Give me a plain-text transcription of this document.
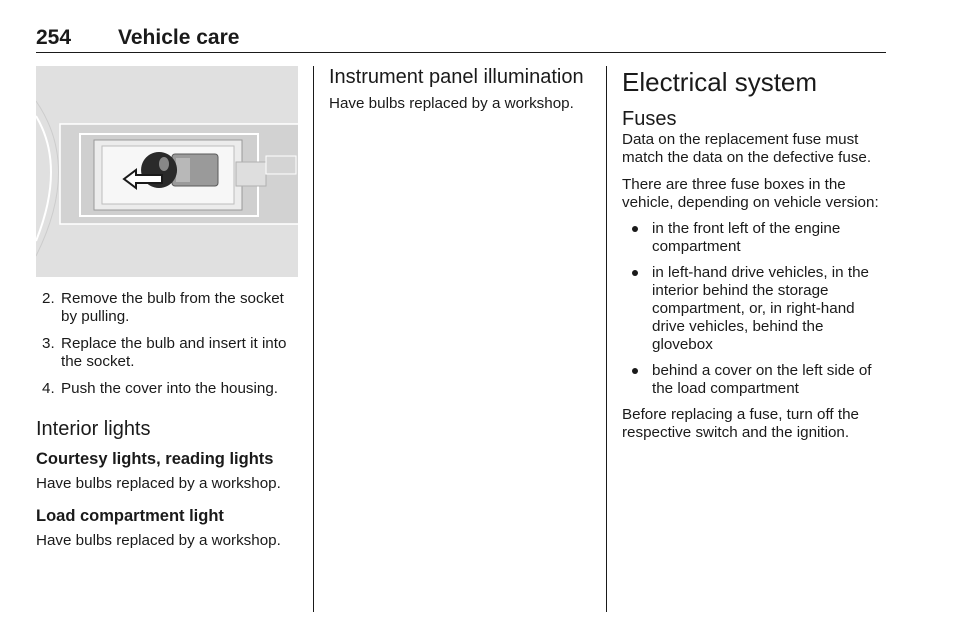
254 Vehicle care
2. Remove the bulb from the socket by pulling.
3. Replace the bulb and insert it into the socket.
4. Push the cover into the housing.
Interior lights
Courtesy lights, reading lights

Have bulbs replaced by a workshop.

Load compartment light

Have bulbs replaced by a workshop.

Instrument panel illumination

Have bulbs replaced by a workshop.

Electrical system
Fuses

Data on the replacement fuse must match the data on the defective fuse.

There are three fuse boxes in the vehicle, depending on vehicle version:

in the front left of the engine compartment
in left-hand drive vehicles, in the interior behind the storage compartment, or, in right-hand drive vehicles, behind the glovebox
behind a cover on the left side of the load compartment

Before replacing a fuse, turn off the respective switch and the ignition.
